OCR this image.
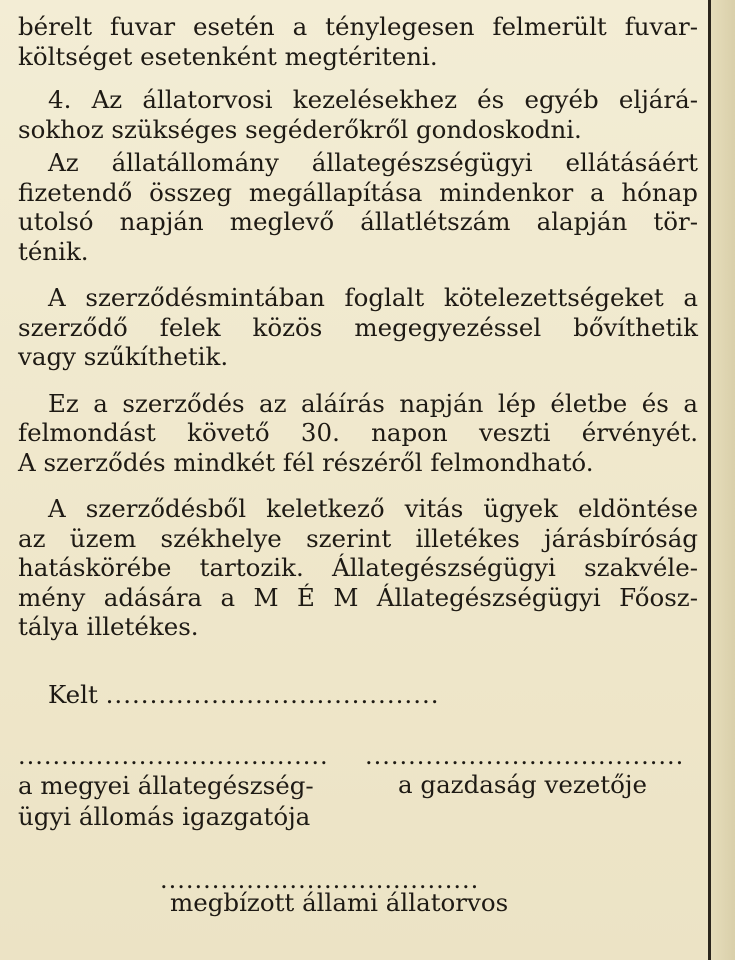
bérelt fuvar esetén a ténylegesen felmerült fuvar-
költséget esetenként megtériteni.

4. Az állatorvosi kezelésekhez és egyéb eljárá-
sokhoz szükséges segéderőkről gondoskodni.

Az állatállomány állategészségügyi ellátásáért
fizetendő összeg megállapítása mindenkor a hónap
utolsó napján meglevő állatlétszám alapján tör-
ténik.

A szerződésmintában foglalt kötelezettségeket a
szerződő felek közös megegyezéssel bővíthetik
vagy szűkíthetik.

Ez a szerződés az aláírás napján lép életbe és a
felmondást követő 30. napon veszti érvényét.
A szerződés mindkét fél részéről felmondható.

A szerződésből keletkező vitás ügyek eldöntése
az üzem székhelye szerint illetékes járásbíróság
hatáskörébe tartozik. Állategészségügyi szakvéle-
mény adására a M É M Állategészségügyi Főosz-
tálya illetékes.

Kelt ......................................
.................................... .....................................
a megyei állategészség-
ügyi állomás igazgatója
a gazdaság vezetője
.....................................
megbízott állami állatorvos
